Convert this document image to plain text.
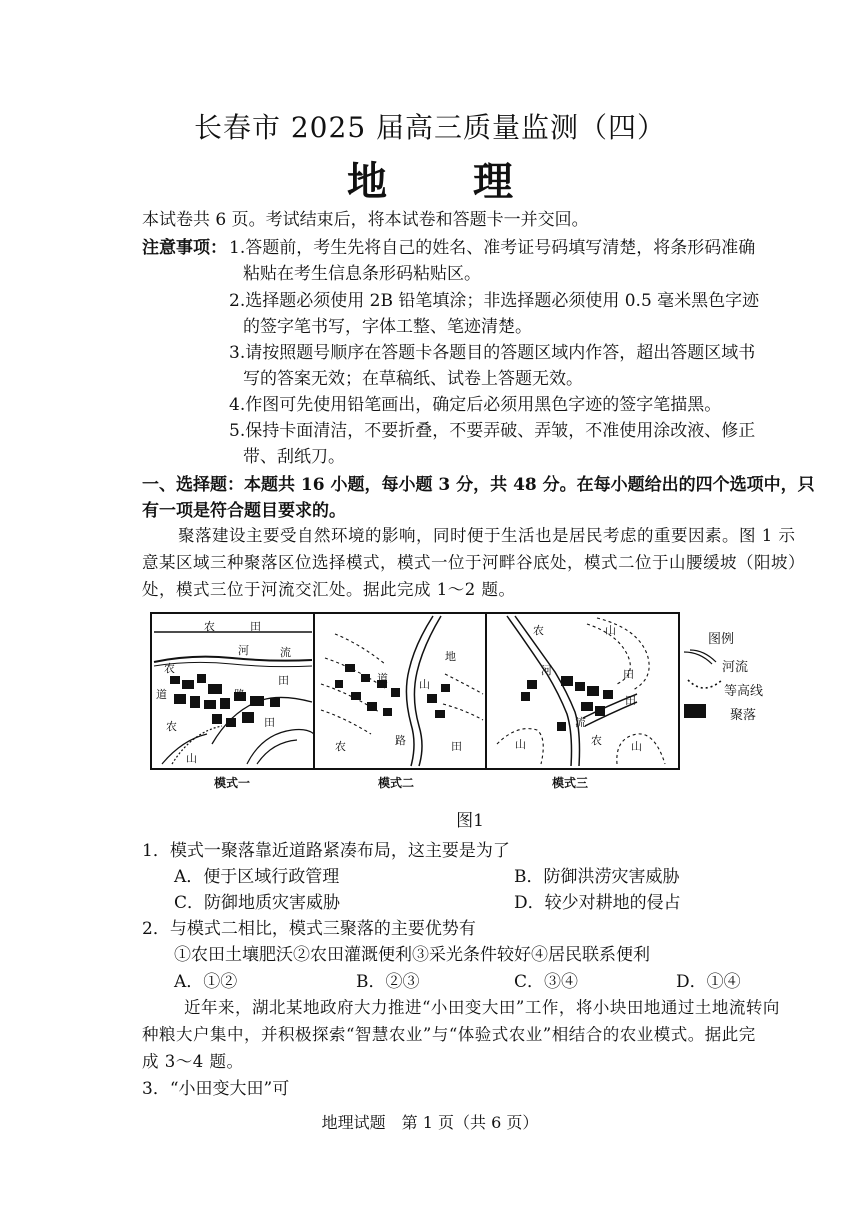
长春市 2025 届高三质量监测（四）
地 理
本试卷共 6 页。考试结束后，将本试卷和答题卡一并交回。
注意事项： 1.答题前，考生先将自己的姓名、准考证号码填写清楚，将条形码准确
粘贴在考生信息条形码粘贴区。
2.选择题必须使用 2B 铅笔填涂；非选择题必须使用 0.5 毫米黑色字迹
的签字笔书写，字体工整、笔迹清楚。
3.请按照题号顺序在答题卡各题目的答题区域内作答，超出答题区域书
写的答案无效；在草稿纸、试卷上答题无效。
4.作图可先使用铅笔画出，确定后必须用黑色字迹的签字笔描黑。
5.保持卡面清洁，不要折叠，不要弄破、弄皱，不准使用涂改液、修正
带、刮纸刀。
一、选择题：本题共 16 小题，每小题 3 分，共 48 分。在每小题给出的四个选项中，只
有一项是符合题目要求的。
聚落建设主要受自然环境的影响，同时便于生活也是居民考虑的重要因素。图 1 示
意某区域三种聚落区位选择模式，模式一位于河畔谷底处，模式二位于山腰缓坡（阳坡）
处，模式三位于河流交汇处。据此完成 1～2 题。
农	田
河	流
农
道
田
路
农	田
山
地
道	山
农	路	田
农	山
河	田
田
流
山	农	山
模式一	模式二	模式三
图例
河流
等高线
聚落
图1
1．模式一聚落靠近道路紧凑布局，这主要是为了
A．便于区域行政管理	B．防御洪涝灾害威胁
C．防御地质灾害威胁	D．较少对耕地的侵占
2．与模式二相比，模式三聚落的主要优势有
①农田土壤肥沃②农田灌溉便利③采光条件较好④居民联系便利
A．①②	B．②③	C．③④	D．①④
近年来，湖北某地政府大力推进“小田变大田”工作，将小块田地通过土地流转向
种粮大户集中，并积极探索“智慧农业”与“体验式农业”相结合的农业模式。据此完
成 3～4 题。
3．“小田变大田”可
地理试题　第 1 页（共 6 页）
